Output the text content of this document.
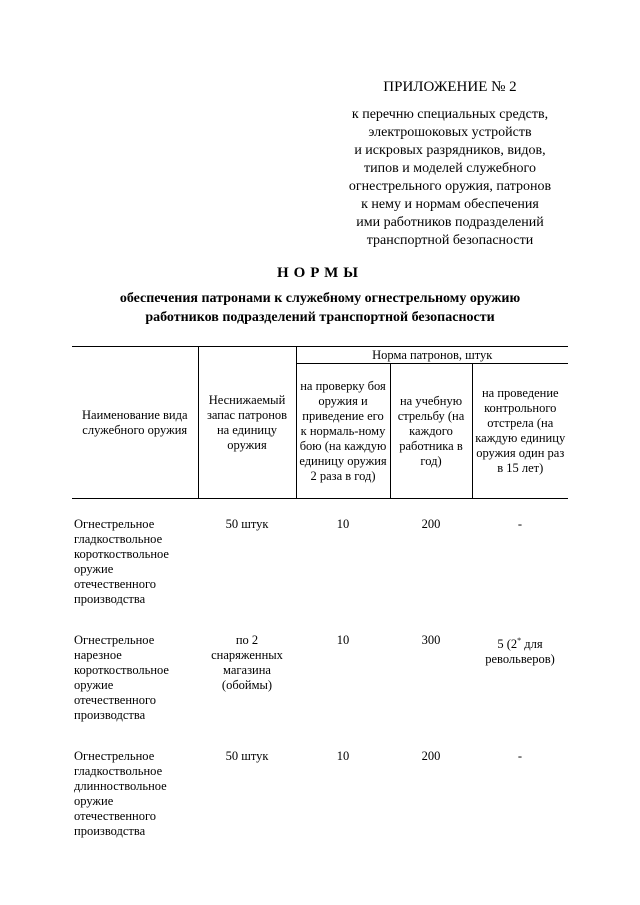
ПРИЛОЖЕНИЕ № 2
к перечню специальных средств,
электрошоковых устройств
и искровых разрядников, видов,
типов и моделей служебного
огнестрельного оружия, патронов
к нему и нормам обеспечения
ими работников подразделений
транспортной безопасности
НОРМЫ
обеспечения патронами к служебному огнестрельному оружию
работников подразделений транспортной безопасности
Наименование вида служебного оружия	Неснижаемый запас патронов на единицу оружия	Норма патронов, штук		
		на проверку боя оружия и приведение его к нормаль-ному бою (на каждую единицу оружия 2 раза в год)	на учебную стрельбу (на каждого работника в год)	на проведение контрольного отстрела (на каждую единицу оружия один раз в 15 лет)
Огнестрельное гладкоствольное короткоствольное оружие отечественного производства	50 штук	10	200	-
Огнестрельное нарезное короткоствольное оружие отечественного производства	по 2 снаряженных магазина (обоймы)	10	300	5 (2* для револьверов)
Огнестрельное гладкоствольное длинноствольное оружие отечественного производства	50 штук	10	200	-
